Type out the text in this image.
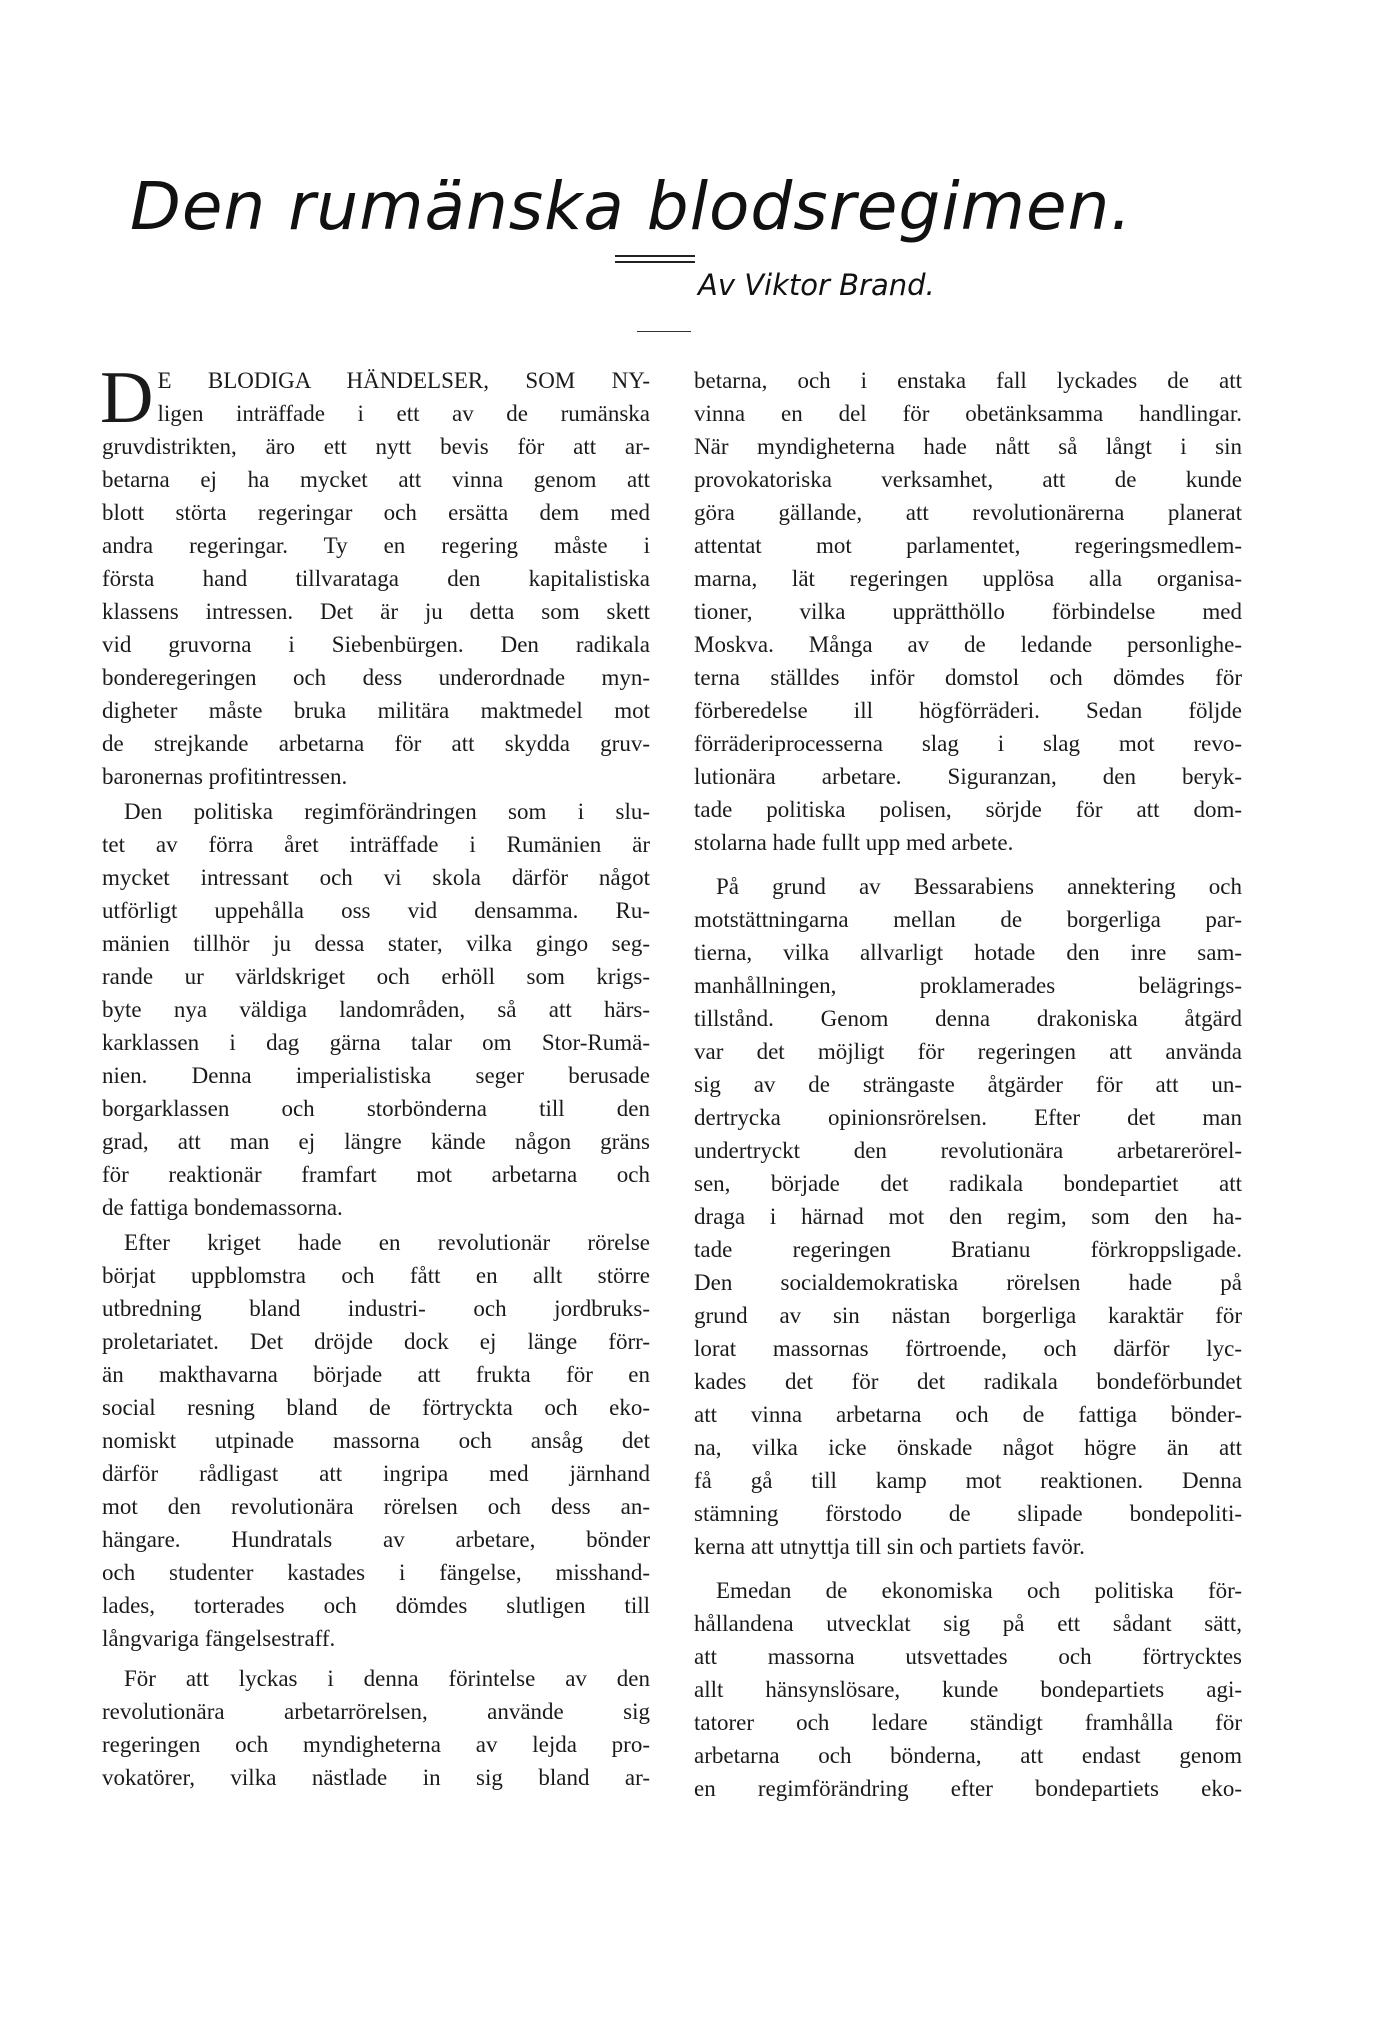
Den rumänska blodsregimen.
Av Viktor Brand.
D E BLODIGA HÄNDELSER, SOM NY-
ligen inträffade i ett av de rumänska
gruvdistrikten, äro ett nytt bevis för att ar-
betarna ej ha mycket att vinna genom att
blott störta regeringar och ersätta dem med
andra regeringar. Ty en regering måste i
första hand tillvaratagа den kapitalistiska
klassens intressen. Det är ju detta som skett
vid gruvorna i Siebenbürgen. Den radikala
bonderegeringen och dess underordnade myn-
digheter måste bruka militära maktmedel mot
de strejkande arbetarna för att skydda gruv-
baronernas profitintressen.
Den politiska regimförändringen som i slu-
tet av förra året inträffade i Rumänien är
mycket intressant och vi skola därför något
utförligt uppehålla oss vid densamma. Ru-
mänien tillhör ju dessa stater, vilka gingo seg-
rande ur världskriget och erhöll som krigs-
byte nya väldiga landområden, så att härs-
karklassen i dag gärna talar om Stor-Rumä-
nien. Denna imperialistiska seger berusade
borgarklassen och storbönderna till den
grad, att man ej längre kände någon gräns
för reaktionär framfart mot arbetarna och
de fattiga bondemassorna.
Efter kriget hade en revolutionär rörelse
börjat uppblomstra och fått en allt större
utbredning bland industri- och jordbruks-
proletariatet. Det dröjde dock ej länge förr-
än makthavarna började att frukta för en
social resning bland de förtryckta och eko-
nomiskt utpinade massorna och ansåg det
därför rådligast att ingripa med järnhand
mot den revolutionära rörelsen och dess an-
hängare. Hundratals av arbetare, bönder
och studenter kastades i fängelse, misshand-
lades, torterades och dömdes slutligen till
långvariga fängelsestraff.
För att lyckas i denna förintelse av den
revolutionära arbetarrörelsen, använde sig
regeringen och myndigheterna av lejda pro-
vokatörer, vilka nästlade in sig bland ar-
betarna, och i enstaka fall lyckades de att
vinna en del för obetänksamma handlingar.
När myndigheterna hade nått så långt i sin
provokatoriska verksamhet, att de kunde
göra gällande, att revolutionärerna planerat
attentat mot parlamentet, regeringsmedlem-
marna, lät regeringen upplösa alla organisa-
tioner, vilka upprätthöllo förbindelse med
Moskva. Många av de ledande personlighe-
terna ställdes inför domstol och dömdes för
förberedelse ill högförräderi. Sedan följde
förräderiprocesserna slag i slag mot revo-
lutionära arbetare. Siguranzan, den beryk-
tade politiska polisen, sörjde för att dom-
stolarna hade fullt upp med arbete.
På grund av Bessarabiens annektering och
motstättningarna mellan de borgerliga par-
tierna, vilka allvarligt hotade den inre sam-
manhållningen, proklamerades belägrings-
tillstånd. Genom denna drakoniska åtgärd
var det möjligt för regeringen att använda
sig av de strängaste åtgärder för att un-
dertrycka opinionsrörelsen. Efter det man
undertryckt den revolutionära arbetarerörel-
sen, började det radikala bondepartiet att
draga i härnad mot den regim, som den ha-
tade regeringen Bratianu förkroppsligade.
Den socialdemokratiska rörelsen hade på
grund av sin nästan borgerliga karaktär för
lorat massornas förtroende, och därför lyc-
kades det för det radikala bondeförbundet
att vinna arbetarna och de fattiga bönder-
na, vilka icke önskade något högre än att
få gå till kamp mot reaktionen. Denna
stämning förstodo de slipade bondepoliti-
kerna att utnyttja till sin och partiets favör.
Emedan de ekonomiska och politiska för-
hållandena utvecklat sig på ett sådant sätt,
att massorna utsvettades och förtrycktes
allt hänsynslösare, kunde bondepartiets agi-
tatorer och ledare ständigt framhålla för
arbetarna och bönderna, att endast genom
en regimförändring efter bondepartiets eko-
